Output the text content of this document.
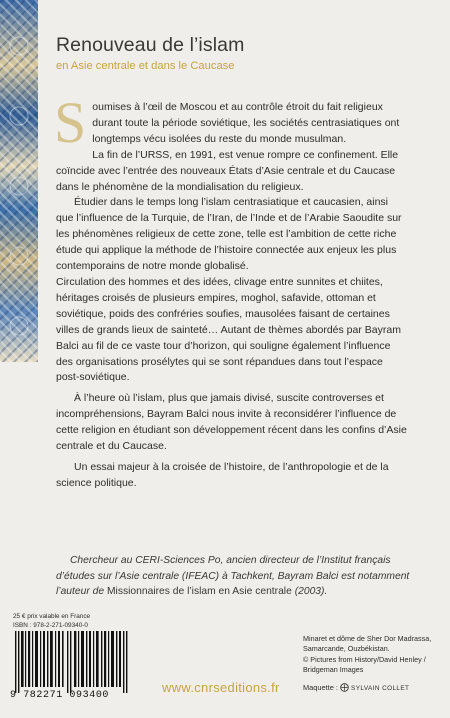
Renouveau de l’islam

en Asie centrale et dans le Caucase

S oumises à l’œil de Moscou et au contrôle étroit du fait religieux durant toute la période soviétique, les sociétés centrasiatiques ont longtemps vécu isolées du reste du monde musulman.

La fin de l’URSS, en 1991, est venue rompre ce confinement. Elle coïncide avec l’entrée des nouveaux États d’Asie centrale et du Caucase dans le phénomène de la mondialisation du religieux.

Étudier dans le temps long l’islam centrasiatique et caucasien, ainsi que l’influence de la Turquie, de l’Iran, de l’Inde et de l’Arabie Saoudite sur les phénomènes religieux de cette zone, telle est l’ambition de cette riche étude qui applique la méthode de l’histoire connectée aux enjeux les plus contemporains de notre monde globalisé.

Circulation des hommes et des idées, clivage entre sunnites et chiites, héritages croisés de plusieurs empires, moghol, safavide, ottoman et soviétique, poids des confréries soufies, mausolées faisant de certaines villes de grands lieux de sainteté… Autant de thèmes abordés par Bayram Balci au fil de ce vaste tour d’horizon, qui souligne également l’influence des organisations prosélytes qui se sont répandues dans tout l’espace post-soviétique.

À l’heure où l’islam, plus que jamais divisé, suscite controverses et incompréhensions, Bayram Balci nous invite à reconsidérer l’influence de cette religion en étudiant son développement récent dans les confins d’Asie centrale et du Caucase.

Un essai majeur à la croisée de l’histoire, de l’anthropologie et de la science politique.

Chercheur au CERI-Sciences Po, ancien directeur de l’Institut français d’études sur l’Asie centrale (IFEAC) à Tachkent, Bayram Balci est notamment l’auteur de Missionnaires de l’islam en Asie centrale (2003).

25 € prix valable en France
ISBN : 978-2-271-09340-0
9 782271 093400
Minaret et dôme de Sher Dor Madrassa,
Samarcande, Ouzbékistan.
© Pictures from History/David Henley /
Bridgeman Images
www.cnrseditions.fr	Maquette : SYLVAIN COLLET
